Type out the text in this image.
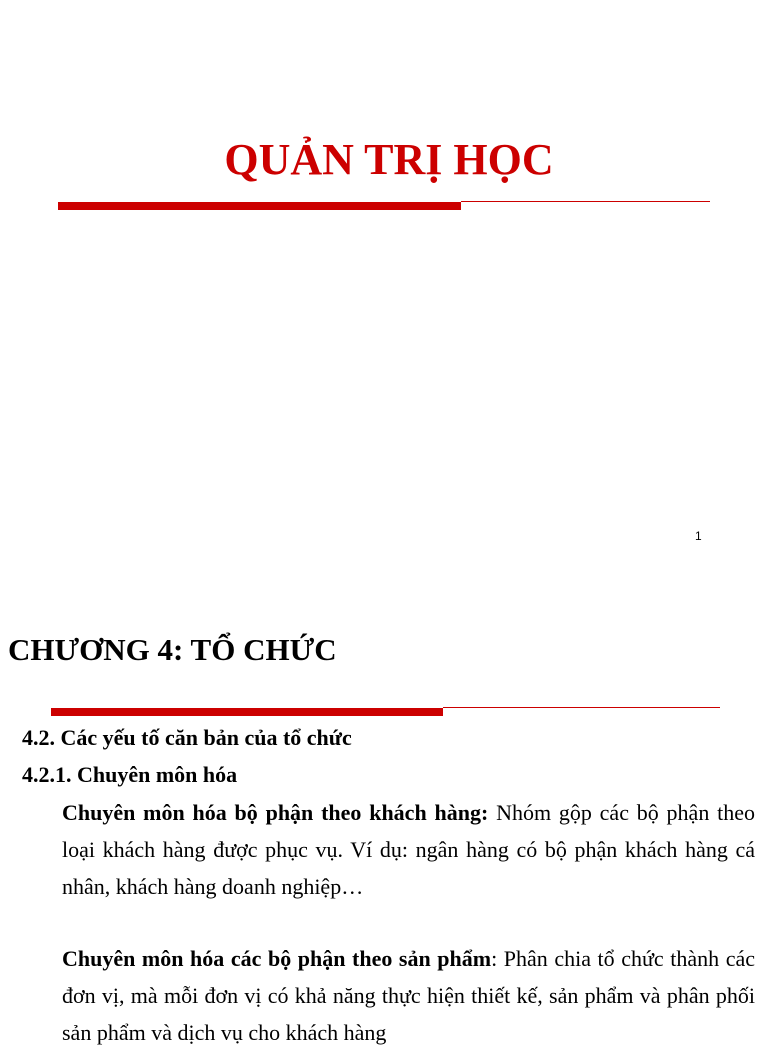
QUẢN TRỊ HỌC
1
CHƯƠNG 4: TỔ CHỨC
4.2. Các yếu tố căn bản của tổ chức
4.2.1. Chuyên môn hóa

Chuyên môn hóa bộ phận theo khách hàng: Nhóm gộp các bộ phận theo loại khách hàng được phục vụ. Ví dụ: ngân hàng có bộ phận khách hàng cá nhân, khách hàng doanh nghiệp…

Chuyên môn hóa các bộ phận theo sản phẩm: Phân chia tổ chức thành các đơn vị, mà mỗi đơn vị có khả năng thực hiện thiết kế, sản phẩm và phân phối sản phẩm và dịch vụ cho khách hàng
